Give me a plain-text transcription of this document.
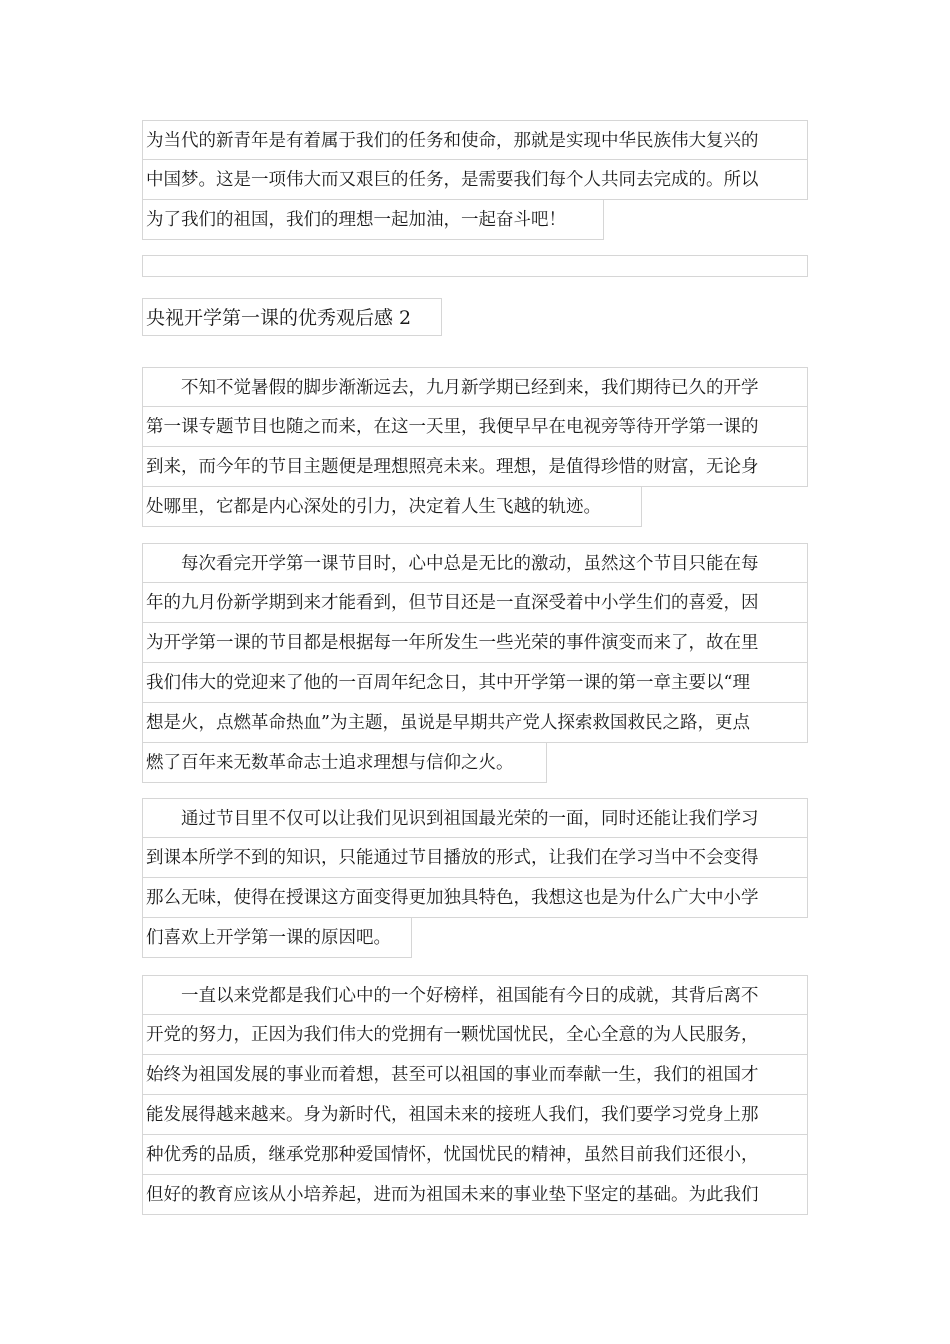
为当代的新青年是有着属于我们的任务和使命，那就是实现中华民族伟大复兴的
中国梦。这是一项伟大而又艰巨的任务，是需要我们每个人共同去完成的。所以
为了我们的祖国，我们的理想一起加油，一起奋斗吧！
央视开学第一课的优秀观后感 2
不知不觉暑假的脚步渐渐远去，九月新学期已经到来，我们期待已久的开学
第一课专题节目也随之而来，在这一天里，我便早早在电视旁等待开学第一课的
到来，而今年的节目主题便是理想照亮未来。理想，是值得珍惜的财富，无论身
处哪里，它都是内心深处的引力，决定着人生飞越的轨迹。
每次看完开学第一课节目时，心中总是无比的激动，虽然这个节目只能在每
年的九月份新学期到来才能看到，但节目还是一直深受着中小学生们的喜爱，因
为开学第一课的节目都是根据每一年所发生一些光荣的事件演变而来了，故在里
我们伟大的党迎来了他的一百周年纪念日，其中开学第一课的第一章主要以“理
想是火，点燃革命热血”为主题，虽说是早期共产党人探索救国救民之路，更点
燃了百年来无数革命志士追求理想与信仰之火。
通过节目里不仅可以让我们见识到祖国最光荣的一面，同时还能让我们学习
到课本所学不到的知识，只能通过节目播放的形式，让我们在学习当中不会变得
那么无味，使得在授课这方面变得更加独具特色，我想这也是为什么广大中小学
们喜欢上开学第一课的原因吧。
一直以来党都是我们心中的一个好榜样，祖国能有今日的成就，其背后离不
开党的努力，正因为我们伟大的党拥有一颗忧国忧民，全心全意的为人民服务，
始终为祖国发展的事业而着想，甚至可以祖国的事业而奉献一生，我们的祖国才
能发展得越来越来。身为新时代，祖国未来的接班人我们，我们要学习党身上那
种优秀的品质，继承党那种爱国情怀，忧国忧民的精神，虽然目前我们还很小，
但好的教育应该从小培养起，进而为祖国未来的事业垫下坚定的基础。为此我们
